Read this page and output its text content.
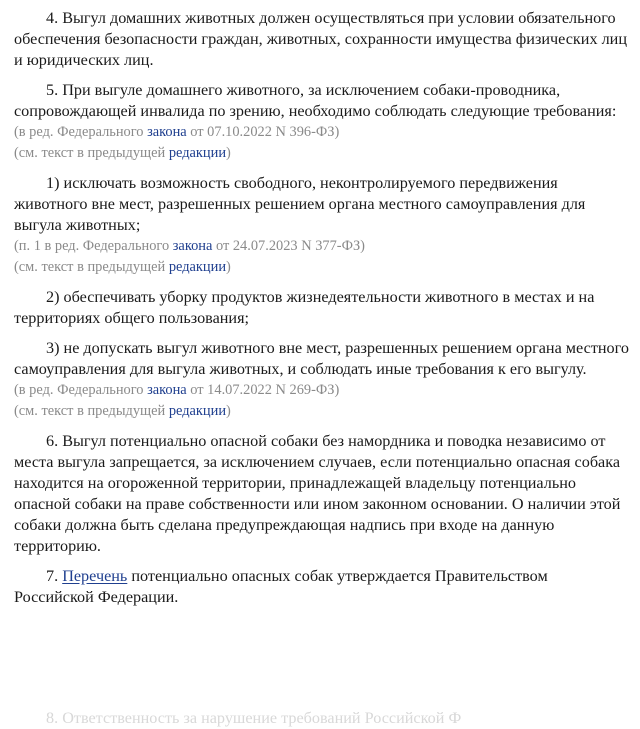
4. Выгул домашних животных должен осуществляться при условии обязательного обеспечения безопасности граждан, животных, сохранности имущества физических лиц и юридических лиц.

5. При выгуле домашнего животного, за исключением собаки-проводника, сопровождающей инвалида по зрению, необходимо соблюдать следующие требования:

(в ред. Федерального закона от 07.10.2022 N 396-ФЗ)

(см. текст в предыдущей редакции)

1) исключать возможность свободного, неконтролируемого передвижения животного вне мест, разрешенных решением органа местного самоуправления для выгула животных;

(п. 1 в ред. Федерального закона от 24.07.2023 N 377-ФЗ)

(см. текст в предыдущей редакции)

2) обеспечивать уборку продуктов жизнедеятельности животного в местах и на территориях общего пользования;

3) не допускать выгул животного вне мест, разрешенных решением органа местного самоуправления для выгула животных, и соблюдать иные требования к его выгулу.

(в ред. Федерального закона от 14.07.2022 N 269-ФЗ)

(см. текст в предыдущей редакции)

6. Выгул потенциально опасной собаки без намордника и поводка независимо от места выгула запрещается, за исключением случаев, если потенциально опасная собака находится на огороженной территории, принадлежащей владельцу потенциально опасной собаки на праве собственности или ином законном основании. О наличии этой собаки должна быть сделана предупреждающая надпись при входе на данную территорию.

7. Перечень потенциально опасных собак утверждается Правительством Российской Федерации.

8. Ответственность за нарушение требований Российской Ф
